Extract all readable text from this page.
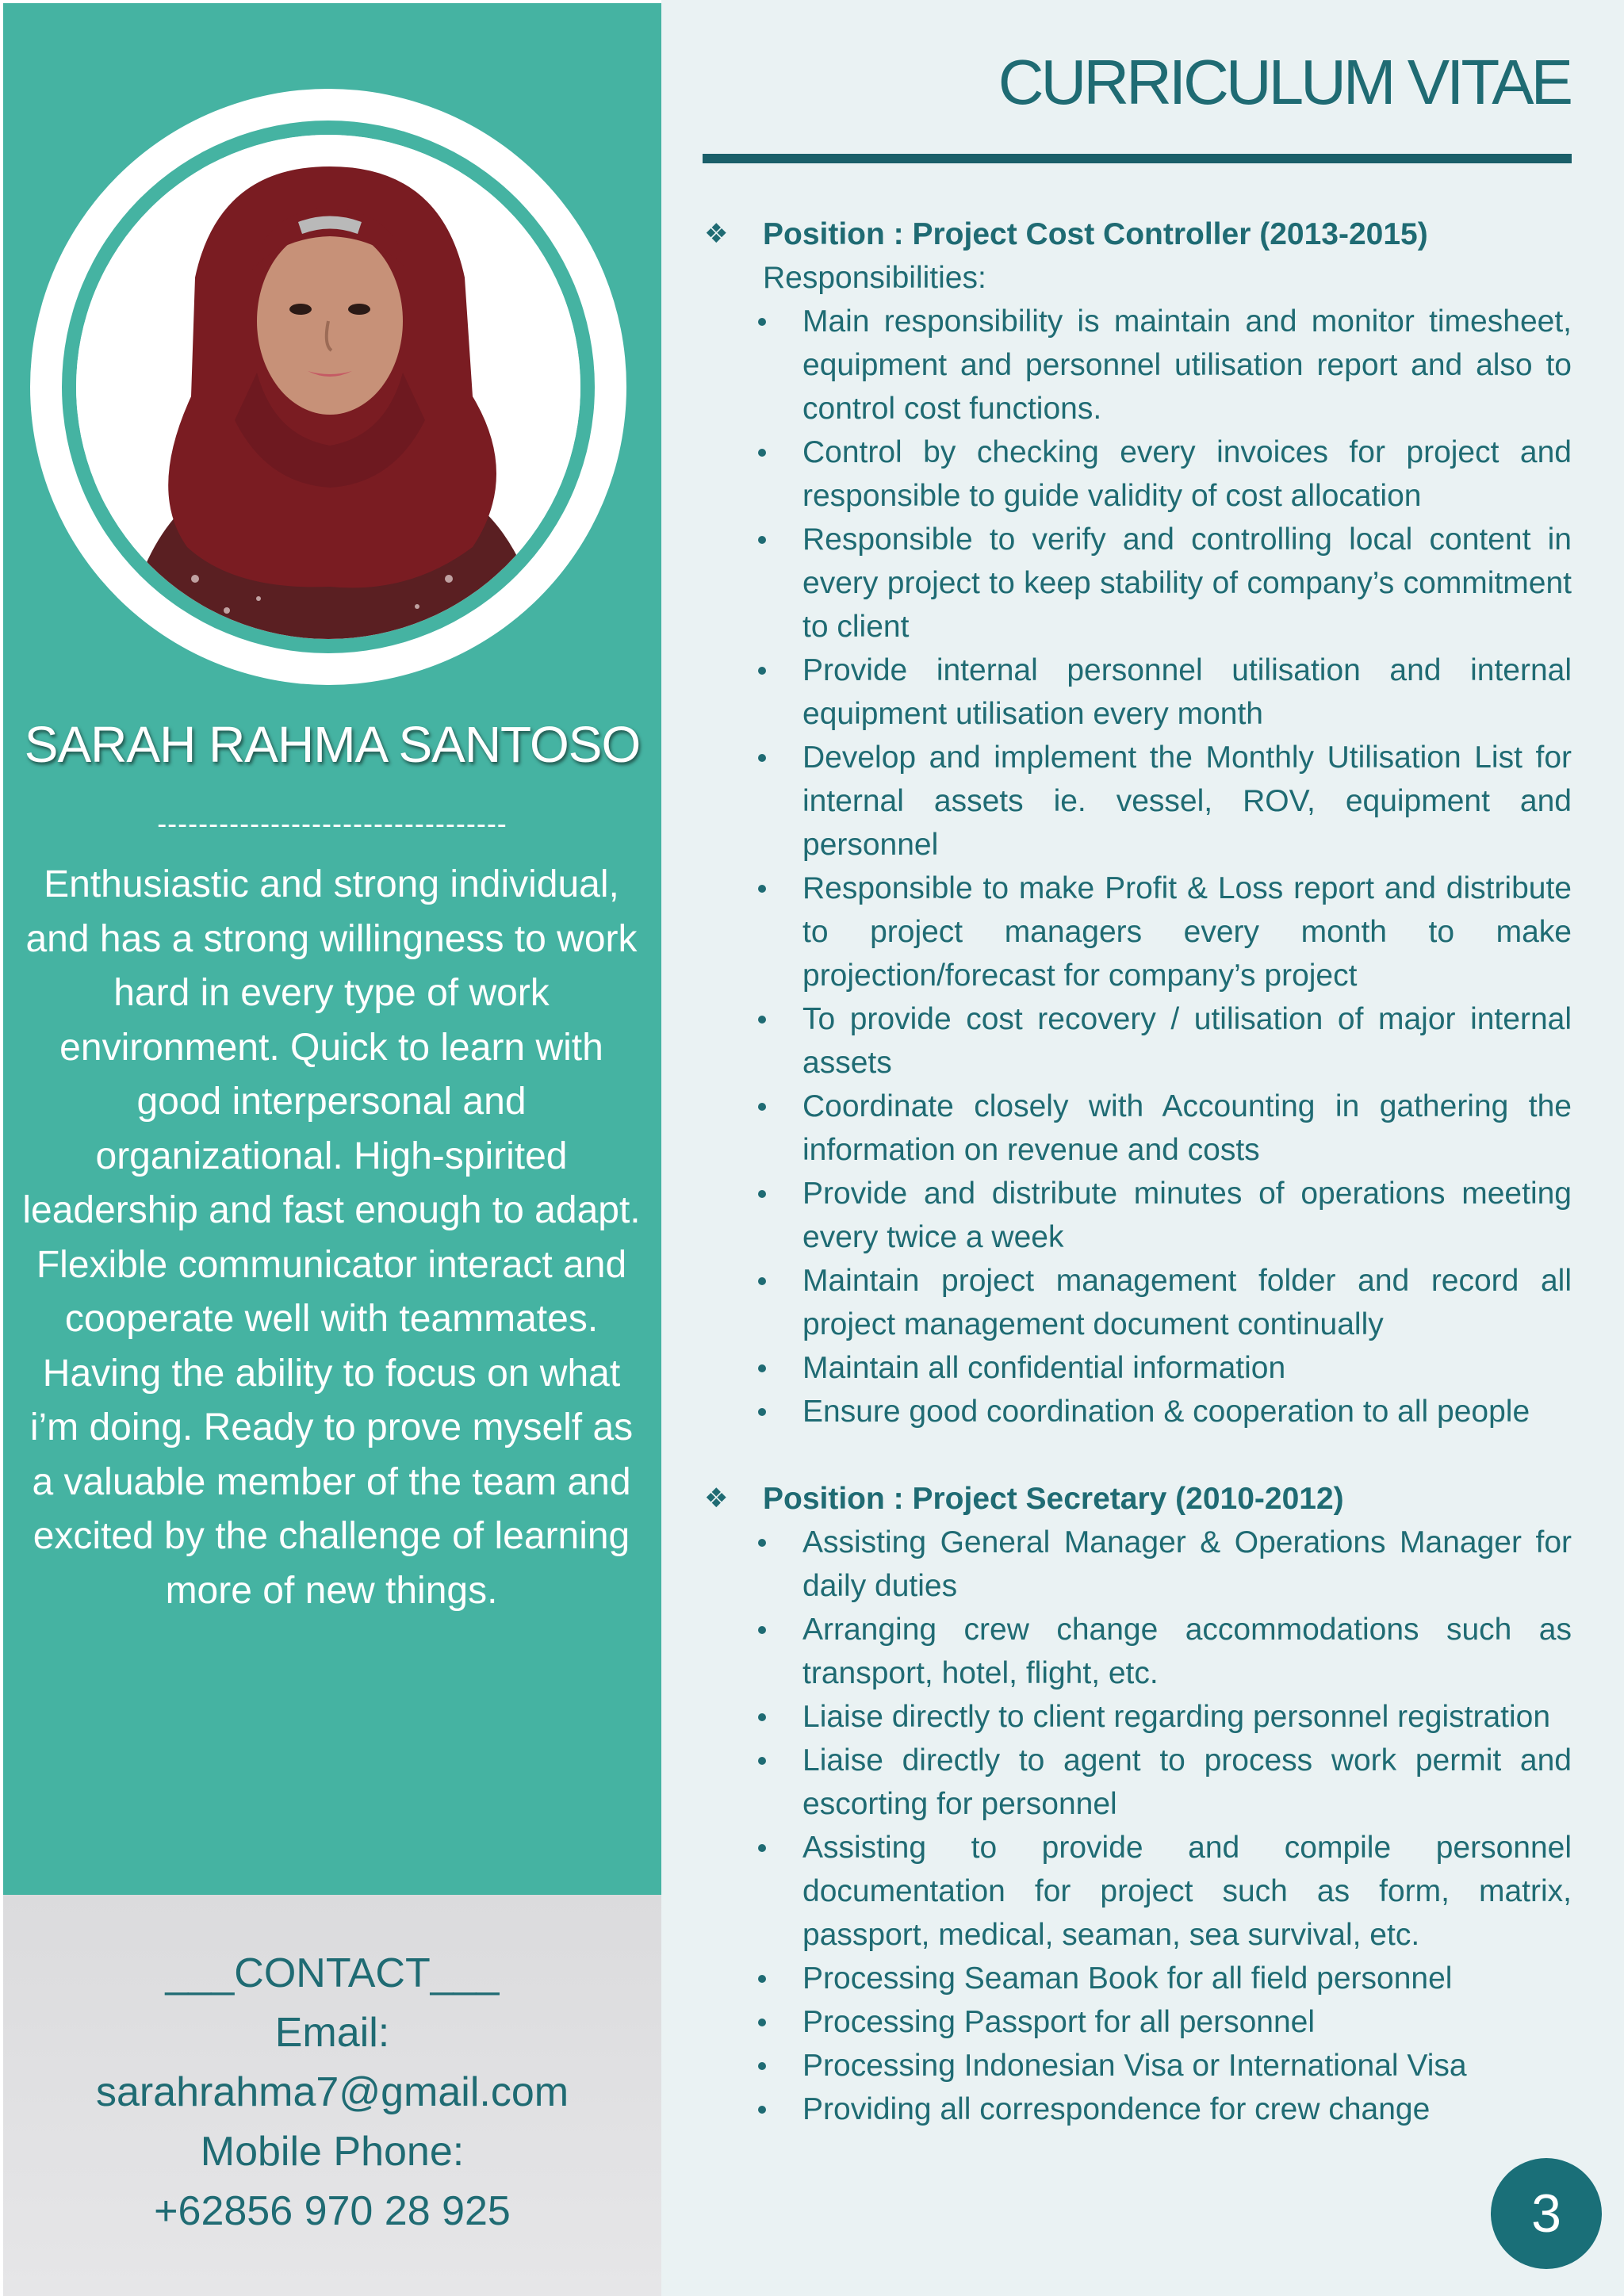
SARAH RAHMA SANTOSO
----------------------------------
Enthusiastic and strong individual, and has a strong willingness to work hard in every type of work environment. Quick to learn with good interpersonal and organizational. High-spirited leadership and fast enough to adapt. Flexible communicator interact and cooperate well with teammates. Having the ability to focus on what i’m doing. Ready to prove myself as a valuable member of the team and excited by the challenge of learning more of new things.
___CONTACT___
Email:
sarahrahma7@gmail.com
Mobile Phone:
+62856 970 28 925
CURRICULUM VITAE
❖ Position : Project Cost Controller (2013-2015)
Responsibilities:
Main responsibility is maintain and monitor timesheet, equipment and personnel utilisation report and also to control cost functions.
Control by checking every invoices for project and responsible to guide validity of cost allocation
Responsible to verify and controlling local content in every project to keep stability of company’s commitment to client
Provide internal personnel utilisation and internal equipment utilisation every month
Develop and implement the Monthly Utilisation List for internal assets ie. vessel, ROV, equipment and personnel
Responsible to make Profit & Loss report and distribute to project managers every month to make projection/forecast for company’s project
To provide cost recovery / utilisation of major internal assets
Coordinate closely with Accounting in gathering the information on revenue and costs
Provide and distribute minutes of operations meeting every twice a week
Maintain project management folder and record all project management document continually
Maintain all confidential information
Ensure good coordination & cooperation to all people
❖ Position : Project Secretary (2010-2012)
Assisting General Manager & Operations Manager for daily duties
Arranging crew change accommodations such as transport, hotel, flight, etc.
Liaise directly to client regarding personnel registration
Liaise directly to agent to process work permit and escorting for personnel
Assisting to provide and compile personnel documentation for project such as form, matrix, passport, medical, seaman, sea survival, etc.
Processing Seaman Book for all field personnel
Processing Passport for all personnel
Processing Indonesian Visa or International Visa
Providing all correspondence for crew change
3
